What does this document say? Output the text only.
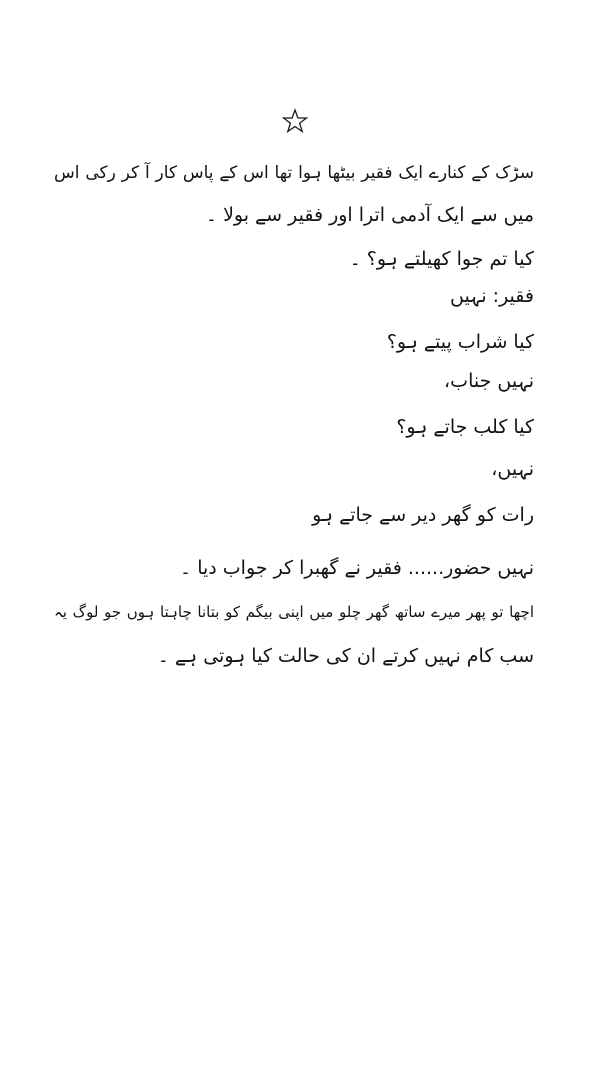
سڑک کے کنارے ایک فقیر بیٹھا ہوا تھا اس کے پاس کار آ کر رکی اس
میں سے ایک آدمی اترا اور فقیر سے بولا ۔
کیا تم جوا کھیلتے ہو؟ ۔
فقیر: نہیں
کیا شراب پیتے ہو؟
نہیں جناب،
کیا کلب جاتے ہو؟
نہیں،
رات کو گھر دیر سے جاتے ہو
نہیں حضور...... فقیر نے گھبرا کر جواب دیا ۔
اچھا تو پھر میرے ساتھ گھر چلو میں اپنی بیگم کو بتانا چاہتا ہوں جو لوگ یہ
سب کام نہیں کرتے ان کی حالت کیا ہوتی ہے ۔
